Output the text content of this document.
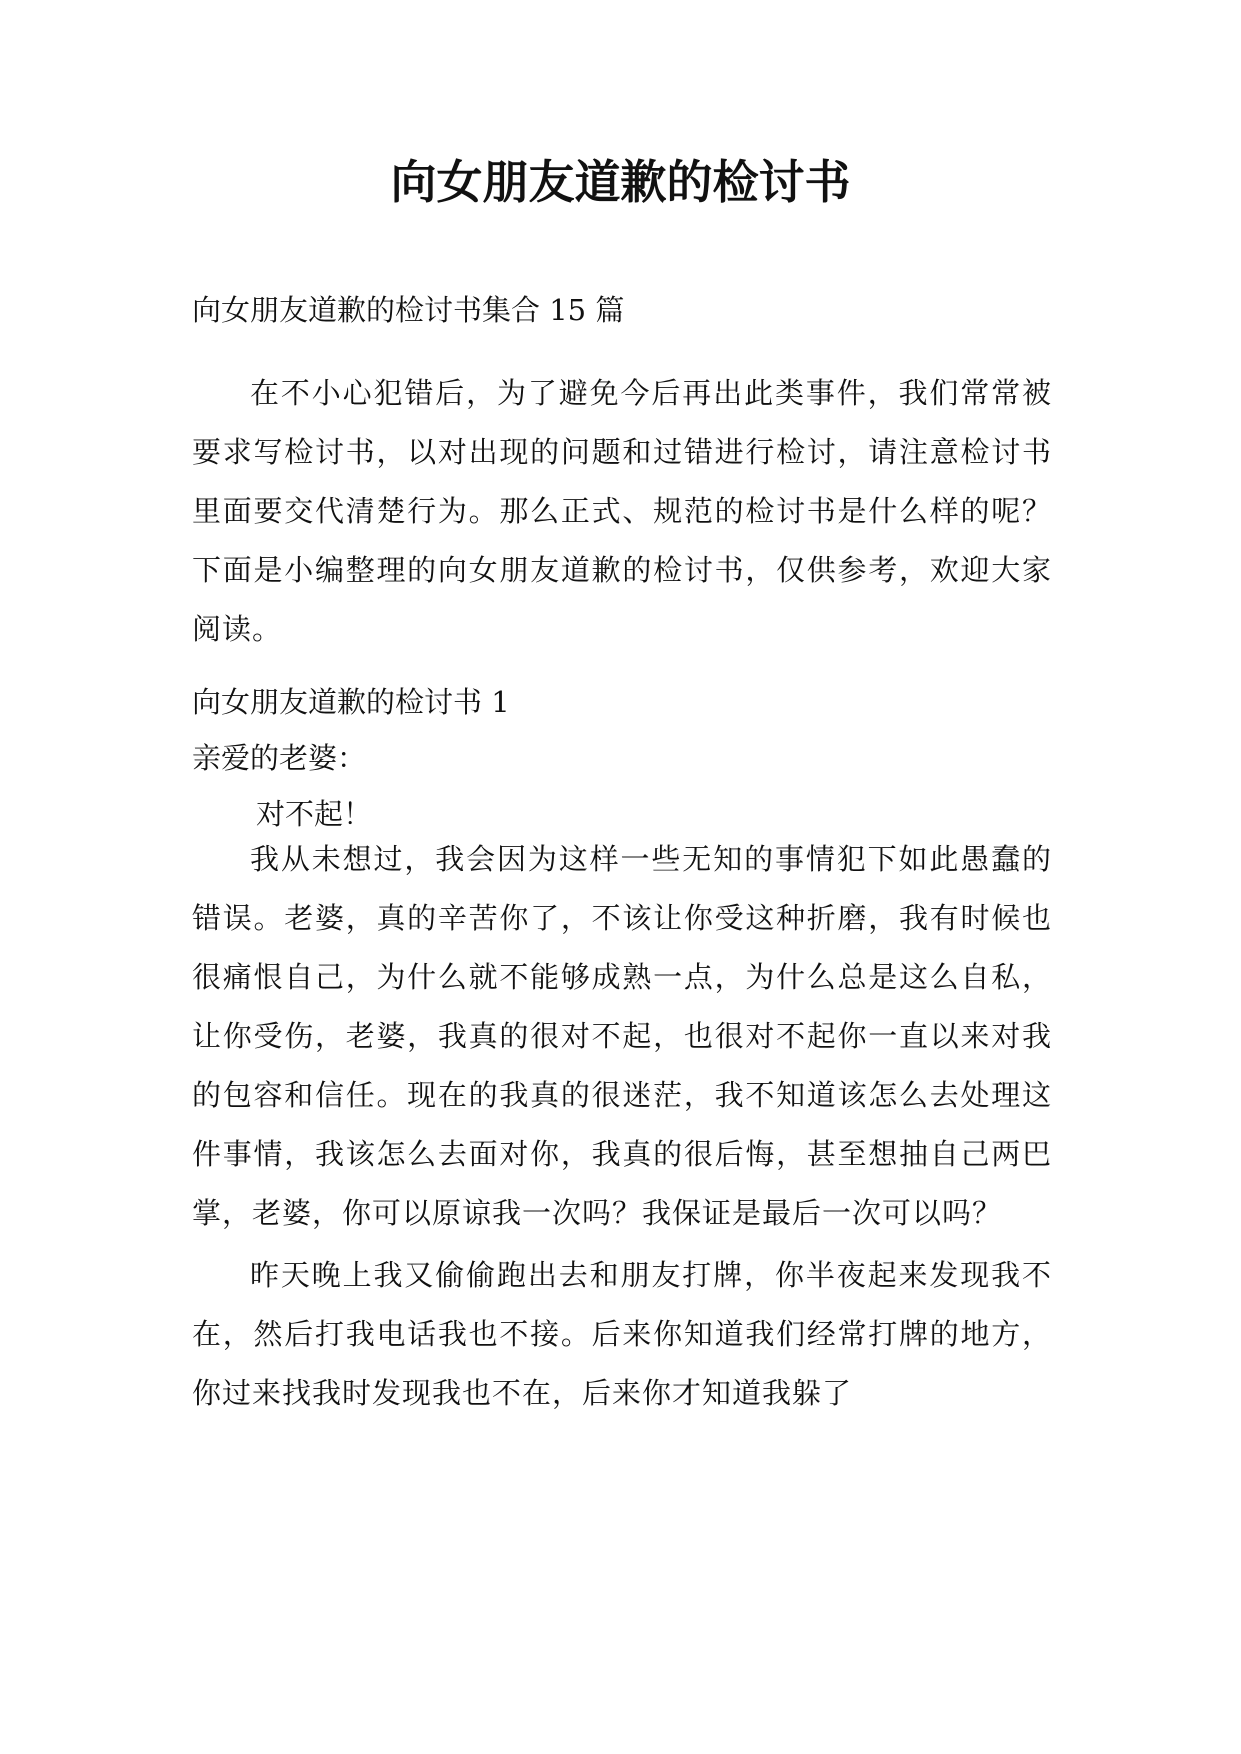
向女朋友道歉的检讨书

向女朋友道歉的检讨书集合 15 篇

在不小心犯错后，为了避免今后再出此类事件，我们常常被要求写检讨书，以对出现的问题和过错进行检讨，请注意检讨书里面要交代清楚行为。那么正式、规范的检讨书是什么样的呢？下面是小编整理的向女朋友道歉的检讨书，仅供参考，欢迎大家阅读。

向女朋友道歉的检讨书 1

亲爱的老婆：

对不起！

我从未想过，我会因为这样一些无知的事情犯下如此愚蠢的错误。老婆，真的辛苦你了，不该让你受这种折磨，我有时候也很痛恨自己，为什么就不能够成熟一点，为什么总是这么自私，让你受伤，老婆，我真的很对不起，也很对不起你一直以来对我的包容和信任。现在的我真的很迷茫，我不知道该怎么去处理这件事情，我该怎么去面对你，我真的很后悔，甚至想抽自己两巴掌，老婆，你可以原谅我一次吗？我保证是最后一次可以吗？

昨天晚上我又偷偷跑出去和朋友打牌，你半夜起来发现我不在，然后打我电话我也不接。后来你知道我们经常打牌的地方，你过来找我时发现我也不在，后来你才知道我躲了
